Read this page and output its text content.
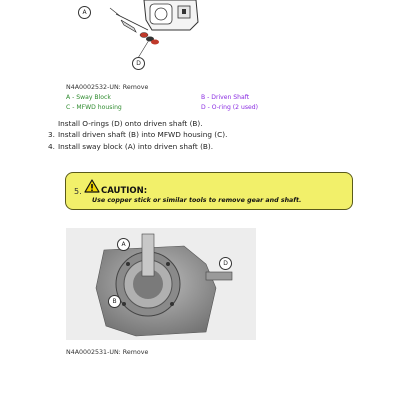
A
D
N4A0002532-UN: Remove
A - Sway Block	B - Driven Shaft
C - MFWD housing	D - O-ring (2 used)
Install O-rings (D) onto driven shaft (B).
3. Install driven shaft (B) into MFWD housing (C).
4. Install sway block (A) into driven shaft (B).
5. CAUTION:
Use copper stick or similar tools to remove gear and shaft.
A
D
B
N4A0002531-UN: Remove
